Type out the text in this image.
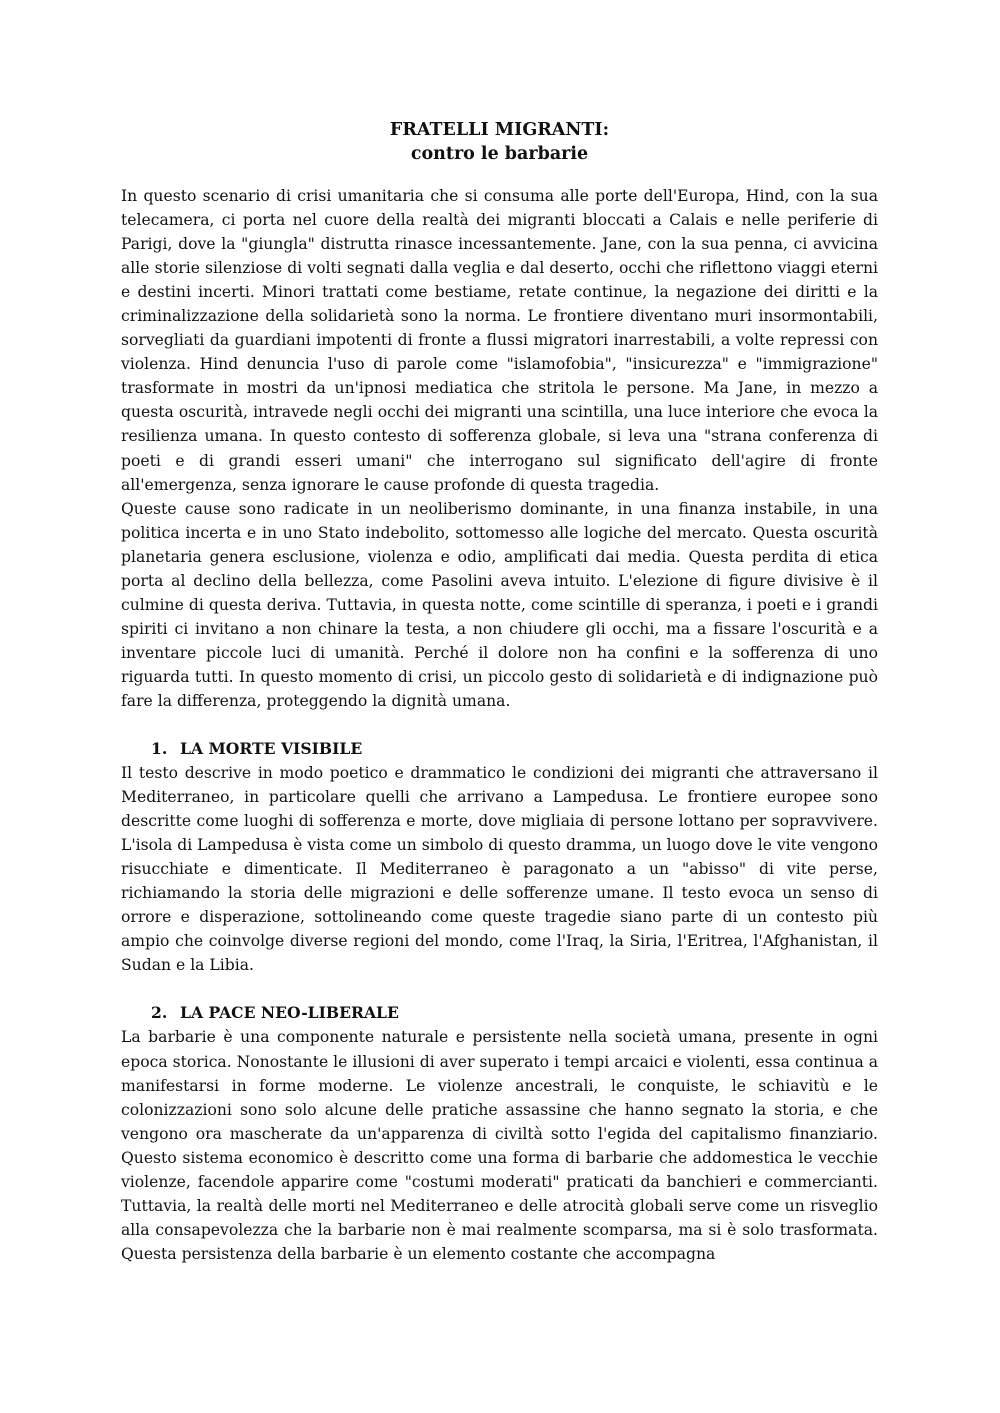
FRATELLI MIGRANTI:
contro le barbarie

In questo scenario di crisi umanitaria che si consuma alle porte dell'Europa, Hind, con la sua telecamera, ci porta nel cuore della realtà dei migranti bloccati a Calais e nelle periferie di Parigi, dove la "giungla" distrutta rinasce incessantemente. Jane, con la sua penna, ci avvicina alle storie silenziose di volti segnati dalla veglia e dal deserto, occhi che riflettono viaggi eterni e destini incerti. Minori trattati come bestiame, retate continue, la negazione dei diritti e la criminalizzazione della solidarietà sono la norma. Le frontiere diventano muri insormontabili, sorvegliati da guardiani impotenti di fronte a flussi migratori inarrestabili, a volte repressi con violenza. Hind denuncia l'uso di parole come "islamofobia", "insicurezza" e "immigrazione" trasformate in mostri da un'ipnosi mediatica che stritola le persone. Ma Jane, in mezzo a questa oscurità, intravede negli occhi dei migranti una scintilla, una luce interiore che evoca la resilienza umana. In questo contesto di sofferenza globale, si leva una "strana conferenza di poeti e di grandi esseri umani" che interrogano sul significato dell'agire di fronte all'emergenza, senza ignorare le cause profonde di questa tragedia.

Queste cause sono radicate in un neoliberismo dominante, in una finanza instabile, in una politica incerta e in uno Stato indebolito, sottomesso alle logiche del mercato. Questa oscurità planetaria genera esclusione, violenza e odio, amplificati dai media. Questa perdita di etica porta al declino della bellezza, come Pasolini aveva intuito. L'elezione di figure divisive è il culmine di questa deriva. Tuttavia, in questa notte, come scintille di speranza, i poeti e i grandi spiriti ci invitano a non chinare la testa, a non chiudere gli occhi, ma a fissare l'oscurità e a inventare piccole luci di umanità. Perché il dolore non ha confini e la sofferenza di uno riguarda tutti. In questo momento di crisi, un piccolo gesto di solidarietà e di indignazione può fare la differenza, proteggendo la dignità umana.

1. LA MORTE VISIBILE

Il testo descrive in modo poetico e drammatico le condizioni dei migranti che attraversano il Mediterraneo, in particolare quelli che arrivano a Lampedusa. Le frontiere europee sono descritte come luoghi di sofferenza e morte, dove migliaia di persone lottano per sopravvivere. L'isola di Lampedusa è vista come un simbolo di questo dramma, un luogo dove le vite vengono risucchiate e dimenticate. Il Mediterraneo è paragonato a un "abisso" di vite perse, richiamando la storia delle migrazioni e delle sofferenze umane. Il testo evoca un senso di orrore e disperazione, sottolineando come queste tragedie siano parte di un contesto più ampio che coinvolge diverse regioni del mondo, come l'Iraq, la Siria, l'Eritrea, l'Afghanistan, il Sudan e la Libia.

2. LA PACE NEO-LIBERALE

La barbarie è una componente naturale e persistente nella società umana, presente in ogni epoca storica. Nonostante le illusioni di aver superato i tempi arcaici e violenti, essa continua a manifestarsi in forme moderne. Le violenze ancestrali, le conquiste, le schiavitù e le colonizzazioni sono solo alcune delle pratiche assassine che hanno segnato la storia, e che vengono ora mascherate da un'apparenza di civiltà sotto l'egida del capitalismo finanziario. Questo sistema economico è descritto come una forma di barbarie che addomestica le vecchie violenze, facendole apparire come "costumi moderati" praticati da banchieri e commercianti. Tuttavia, la realtà delle morti nel Mediterraneo e delle atrocità globali serve come un risveglio alla consapevolezza che la barbarie non è mai realmente scomparsa, ma si è solo trasformata. Questa persistenza della barbarie è un elemento costante che accompagna
